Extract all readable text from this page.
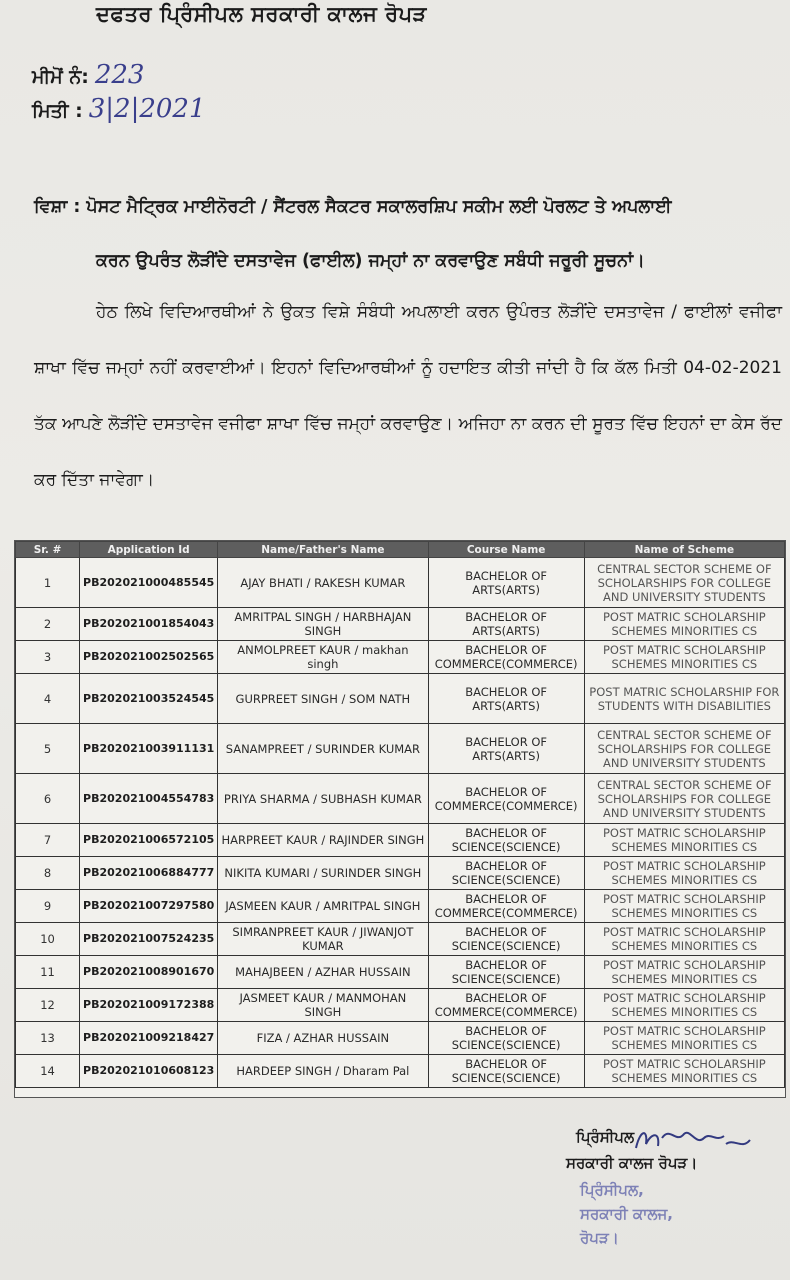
ਦਫਤਰ ਪ੍ਰਿੰਸੀਪਲ ਸਰਕਾਰੀ ਕਾਲਜ ਰੋਪੜ
ਮੀਮੋਂ ਨੰ: 223
ਮਿਤੀ : 3|2|2021
ਵਿਸ਼ਾ : ਪੋਸਟ ਮੈਟ੍ਰਿਕ ਮਾਈਨੋਰਟੀ / ਸੈਂਟਰਲ ਸੈਕਟਰ ਸਕਾਲਰਸ਼ਿਪ ਸਕੀਮ ਲਈ ਪੋਰਲਟ ਤੇ ਅਪਲਾਈ
ਕਰਨ ਉਪਰੰਤ ਲੋੜੀਂਦੇ ਦਸਤਾਵੇਜ (ਫਾਈਲ) ਜਮ੍ਹਾਂ ਨਾ ਕਰਵਾਉਣ ਸਬੰਧੀ ਜਰੂਰੀ ਸੂਚਨਾਂ।
ਹੇਠ ਲਿਖੇ ਵਿਦਿਆਰਥੀਆਂ ਨੇ ਉਕਤ ਵਿਸ਼ੇ ਸੰਬੰਧੀ ਅਪਲਾਈ ਕਰਨ ਉਪੰਰਤ ਲੋੜੀਂਦੇ ਦਸਤਾਵੇਜ / ਫਾਈਲਾਂ ਵਜੀਫਾ ਸ਼ਾਖਾ ਵਿੱਚ ਜਮ੍ਹਾਂ ਨਹੀਂ ਕਰਵਾਈਆਂ। ਇਹਨਾਂ ਵਿਦਿਆਰਥੀਆਂ ਨੂੰ ਹਦਾਇਤ ਕੀਤੀ ਜਾਂਦੀ ਹੈ ਕਿ ਕੱਲ ਮਿਤੀ 04-02-2021 ਤੱਕ ਆਪਣੇ ਲੋੜੀਂਦੇ ਦਸਤਾਵੇਜ ਵਜੀਫਾ ਸ਼ਾਖਾ ਵਿੱਚ ਜਮ੍ਹਾਂ ਕਰਵਾਉਣ। ਅਜਿਹਾ ਨਾ ਕਰਨ ਦੀ ਸੂਰਤ ਵਿੱਚ ਇਹਨਾਂ ਦਾ ਕੇਸ ਰੱਦ ਕਰ ਦਿੱਤਾ ਜਾਵੇਗਾ।
Sr. #	Application Id	Name/Father's Name	Course Name	Name of Scheme
1	PB202021000485545	AJAY BHATI / RAKESH KUMAR	BACHELOR OF ARTS(ARTS)	CENTRAL SECTOR SCHEME OF SCHOLARSHIPS FOR COLLEGE AND UNIVERSITY STUDENTS
2	PB202021001854043	AMRITPAL SINGH / HARBHAJAN SINGH	BACHELOR OF ARTS(ARTS)	POST MATRIC SCHOLARSHIP SCHEMES MINORITIES CS
3	PB202021002502565	ANMOLPREET KAUR / makhan singh	BACHELOR OF COMMERCE(COMMERCE)	POST MATRIC SCHOLARSHIP SCHEMES MINORITIES CS
4	PB202021003524545	GURPREET SINGH / SOM NATH	BACHELOR OF ARTS(ARTS)	POST MATRIC SCHOLARSHIP FOR STUDENTS WITH DISABILITIES
5	PB202021003911131	SANAMPREET / SURINDER KUMAR	BACHELOR OF ARTS(ARTS)	CENTRAL SECTOR SCHEME OF SCHOLARSHIPS FOR COLLEGE AND UNIVERSITY STUDENTS
6	PB202021004554783	PRIYA SHARMA / SUBHASH KUMAR	BACHELOR OF COMMERCE(COMMERCE)	CENTRAL SECTOR SCHEME OF SCHOLARSHIPS FOR COLLEGE AND UNIVERSITY STUDENTS
7	PB202021006572105	HARPREET KAUR / RAJINDER SINGH	BACHELOR OF SCIENCE(SCIENCE)	POST MATRIC SCHOLARSHIP SCHEMES MINORITIES CS
8	PB202021006884777	NIKITA KUMARI / SURINDER SINGH	BACHELOR OF SCIENCE(SCIENCE)	POST MATRIC SCHOLARSHIP SCHEMES MINORITIES CS
9	PB202021007297580	JASMEEN KAUR / AMRITPAL SINGH	BACHELOR OF COMMERCE(COMMERCE)	POST MATRIC SCHOLARSHIP SCHEMES MINORITIES CS
10	PB202021007524235	SIMRANPREET KAUR / JIWANJOT KUMAR	BACHELOR OF SCIENCE(SCIENCE)	POST MATRIC SCHOLARSHIP SCHEMES MINORITIES CS
11	PB202021008901670	MAHAJBEEN / AZHAR HUSSAIN	BACHELOR OF SCIENCE(SCIENCE)	POST MATRIC SCHOLARSHIP SCHEMES MINORITIES CS
12	PB202021009172388	JASMEET KAUR / MANMOHAN SINGH	BACHELOR OF COMMERCE(COMMERCE)	POST MATRIC SCHOLARSHIP SCHEMES MINORITIES CS
13	PB202021009218427	FIZA / AZHAR HUSSAIN	BACHELOR OF SCIENCE(SCIENCE)	POST MATRIC SCHOLARSHIP SCHEMES MINORITIES CS
14	PB202021010608123	HARDEEP SINGH / Dharam Pal	BACHELOR OF SCIENCE(SCIENCE)	POST MATRIC SCHOLARSHIP SCHEMES MINORITIES CS
ਪ੍ਰਿੰਸੀਪਲ
ਸਰਕਾਰੀ ਕਾਲਜ ਰੋਪੜ।
ਪ੍ਰਿੰਸੀਪਲ,
ਸਰਕਾਰੀ ਕਾਲਜ,
ਰੋਪੜ।
